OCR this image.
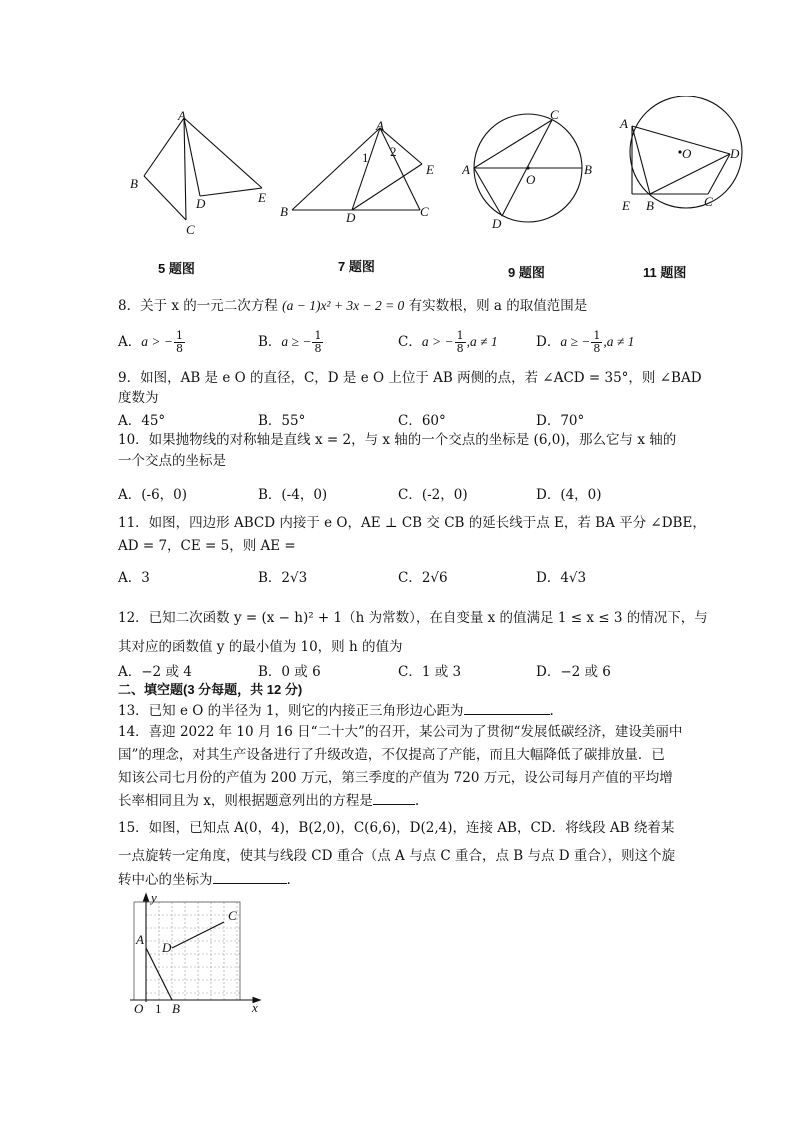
A
B
C
D	E
5 题图
A
B	C
D
E
1 2
7 题图
A	B
C
D
O
9 题图
A
B	C
D
E
O
11 题图
8．关于 x 的一元二次方程 (a − 1)x² + 3x − 2 = 0 有实数根，则 a 的取值范围是
A．a > − $\frac{1}{8}$	B．a ≥ − $\frac{1}{8}$	C．a > − $\frac{1}{8} ,a \ne 1$	D．a ≥ − $\frac{1}{8} ,a \ne 1$
9．如图，AB 是 e O 的直径，C，D 是 e O 上位于 AB 两侧的点，若 ∠ACD = 35°，则 ∠BAD
度数为
A．45°	B．55°	C．60°	D．70°
10．如果抛物线的对称轴是直线 x = 2，与 x 轴的一个交点的坐标是 (6,0)，那么它与 x 轴的
一个交点的坐标是
A．(-6，0)	B．(-4，0)	C．(-2，0)	D．(4，0)
11．如图，四边形 ABCD 内接于 e O，AE ⊥ CB 交 CB 的延长线于点 E，若 BA 平分 ∠DBE，
AD = 7，CE = 5，则 AE =
A．3	B．2√3	C．2√6	D．4√3
12．已知二次函数 y = (x − h)² + 1（h 为常数），在自变量 x 的值满足 1 ≤ x ≤ 3 的情况下，与
其对应的函数值 y 的最小值为 10，则 h 的值为
A．−2 或 4	B．0 或 6	C．1 或 3	D．−2 或 6
二、填空题(3 分每题，共 12 分)
13．已知 e O 的半径为 1，则它的内接正三角形边心距为	.
14．喜迎 2022 年 10 月 16 日“二十大”的召开，某公司为了贯彻“发展低碳经济，建设美丽中
国”的理念，对其生产设备进行了升级改造，不仅提高了产能，而且大幅降低了碳排放量．已
知该公司七月份的产值为 200 万元，第三季度的产值为 720 万元，设公司每月产值的平均增
长率相同且为 x，则根据题意列出的方程是	.
15．如图，已知点 A(0，4)，B(2,0)，C(6,6)，D(2,4)，连接 AB，CD．将线段 AB 绕着某
一点旋转一定角度，使其与线段 CD 重合（点 A 与点 C 重合，点 B 与点 D 重合），则这个旋
转中心的坐标为	.
y
x
A
B
C
D
O 1
